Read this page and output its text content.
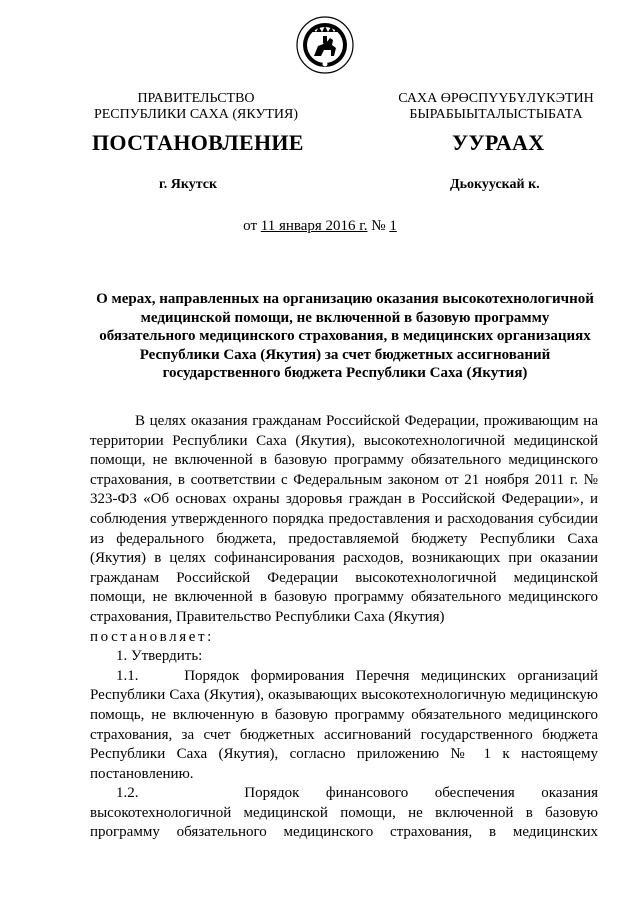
ПРАВИТЕЛЬСТВО
РЕСПУБЛИКИ САХА (ЯКУТИЯ)
САХА ӨРӨСПҮҮБҮЛҮКЭТИН
БЫРАБЫЫТАЛЫСТЫБАТА
ПОСТАНОВЛЕНИЕ	УУРААХ
г. Якутск	Дьокуускай к.
от 11 января 2016 г. № 1
О мерах, направленных на организацию оказания высокотехнологичной
медицинской помощи, не включенной в базовую программу
обязательного медицинского страхования, в медицинских организациях
Республики Саха (Якутия) за счет бюджетных ассигнований
государственного бюджета Республики Саха (Якутия)

В целях оказания гражданам Российской Федерации, проживающим на территории Республики Саха (Якутия), высокотехнологичной медицинской помощи, не включенной в базовую программу обязательного медицинского страхования, в соответствии с Федеральным законом от 21 ноября 2011 г. № 323-ФЗ «Об основах охраны здоровья граждан в Российской Федерации», и соблюдения утвержденного порядка предоставления и расходования субсидии из федерального бюджета, предоставляемой бюджету Республики Саха (Якутия) в целях софинансирования расходов, возникающих при оказании гражданам Российской Федерации высокотехнологичной медицинской помощи, не включенной в базовую программу обязательного медицинского страхования, Правительство Республики Саха (Якутия)

постановляет:

1. Утвердить:

1.1.    Порядок формирования Перечня медицинских организаций Республики Саха (Якутия), оказывающих высокотехнологичную медицинскую помощь, не включенную в базовую программу обязательного медицинского страхования, за счет бюджетных ассигнований государственного бюджета Республики Саха (Якутия), согласно приложению № 1 к настоящему постановлению.

1.2.    Порядок финансового обеспечения оказания

высокотехнологичной медицинской помощи, не включенной в базовую

программу обязательного медицинского страхования, в медицинских
